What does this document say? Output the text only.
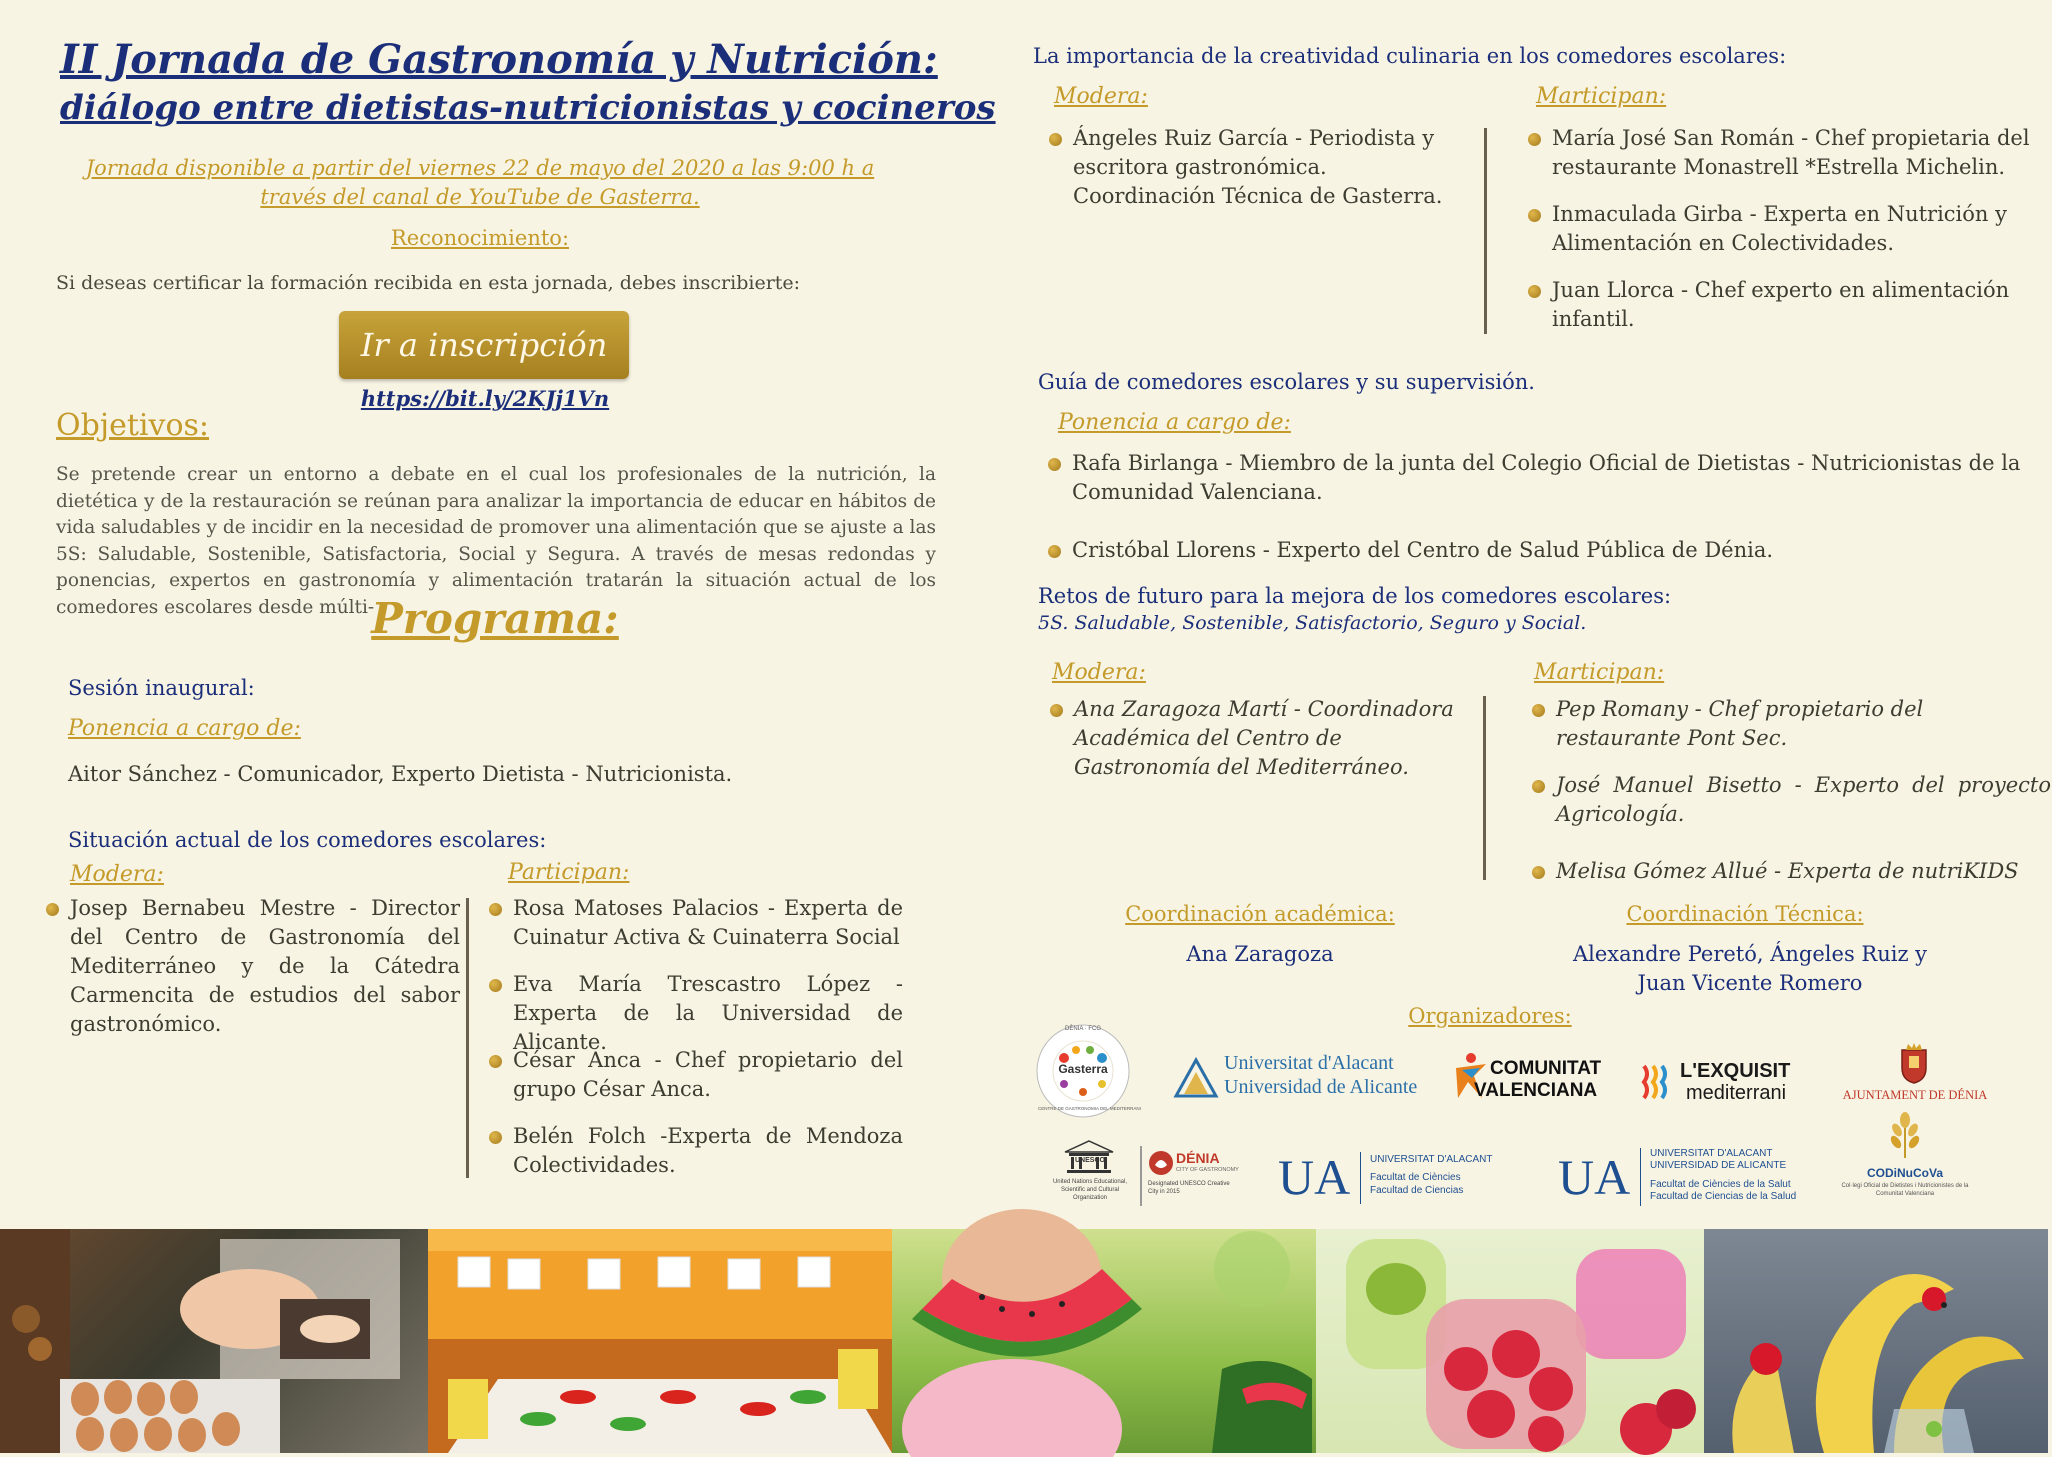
II Jornada de Gastronomía y Nutrición:
diálogo entre dietistas-nutricionistas y cocineros
Jornada disponible a partir del viernes 22 de mayo del 2020 a las 9:00 h a
través del canal de YouTube de Gasterra.
Reconocimiento:
Si deseas certificar la formación recibida en esta jornada, debes inscribierte:
Ir a inscripción
https://bit.ly/2KJj1Vn
Objetivos:
Se pretende crear un entorno a debate en el cual los profesionales de la nutrición, la dietética y de la restauración se reúnan para analizar la importancia de educar en hábitos de vida saludables y de incidir en la necesidad de promover una alimentación que se ajuste a las 5S: Saludable, Sostenible, Satisfactoria, Social y Segura. A través de mesas redondas y ponencias, expertos en gastronomía y alimentación tratarán la situación actual de los comedores escolares desde múlti-
Programa:
Sesión inaugural:
Ponencia a cargo de:
Aitor Sánchez - Comunicador, Experto Dietista - Nutricionista.
Situación actual de los comedores escolares:
Modera:	Participan:
Josep Bernabeu Mestre - Director del Centro de Gastronomía del Mediterráneo y de la Cátedra Carmencita de estudios del sabor gastronómico.
Rosa Matoses Palacios - Experta de Cuinatur Activa & Cuinaterra Social
Eva María Trescastro López - Experta de la Universidad de Alicante.
César Anca - Chef propietario del grupo César Anca.
Belén Folch -Experta de Mendoza Colectividades.
La importancia de la creatividad culinaria en los comedores escolares:
Modera:	Marticipan:
Ángeles Ruiz García - Periodista y escritora gastronómica. Coordinación Técnica de Gasterra.
María José San Román - Chef propietaria del restaurante Monastrell *Estrella Michelin.
Inmaculada Girba - Experta en Nutrición y Alimentación en Colectividades.
Juan Llorca - Chef experto en alimentación infantil.
Guía de comedores escolares y su supervisión.
Ponencia a cargo de:
Rafa Birlanga - Miembro de la junta del Colegio Oficial de Dietistas - Nutricionistas de la Comunidad Valenciana.
Cristóbal Llorens - Experto del Centro de Salud Pública de Dénia.
Retos de futuro para la mejora de los comedores escolares:
5S. Saludable, Sostenible, Satisfactorio, Seguro y Social.
Modera:	Marticipan:
Ana Zaragoza Martí - Coordinadora Académica del Centro de Gastronomía del Mediterráneo.
Pep Romany - Chef propietario del restaurante Pont Sec.
José Manuel Bisetto - Experto del proyecto Agricología.
Melisa Gómez Allué - Experta de nutriKIDS
Coordinación académica:
Ana Zaragoza
Coordinación Técnica:
Alexandre Peretó, Ángeles Ruiz y
Juan Vicente Romero
Organizadores:
Gasterra
DÈNIA · FCG
CENTRE DE GASTRONOMIA DEL MEDITERRANI
Universitat d'Alacant
Universidad de Alicante
COMUNITAT
VALENCIANA
L'EXQUISIT
mediterrani	AJUNTAMENT DE DÉNIA
UNESCO
United Nations Educational, Scientific and Cultural Organization
DÉNIA
CITY OF GASTRONOMY
Designated UNESCO Creative City in 2015	UA UNIVERSITAT D'ALACANT
Facultat de Ciències
Facultad de Ciencias UA UNIVERSITAT D'ALACANT
UNIVERSIDAD DE ALICANTE
Facultat de Ciències de la Salut
Facultad de Ciencias de la Salud
CODiNuCoVa
Col·legi Oficial de Dietistes i Nutricionistes de la Comunitat Valenciana
